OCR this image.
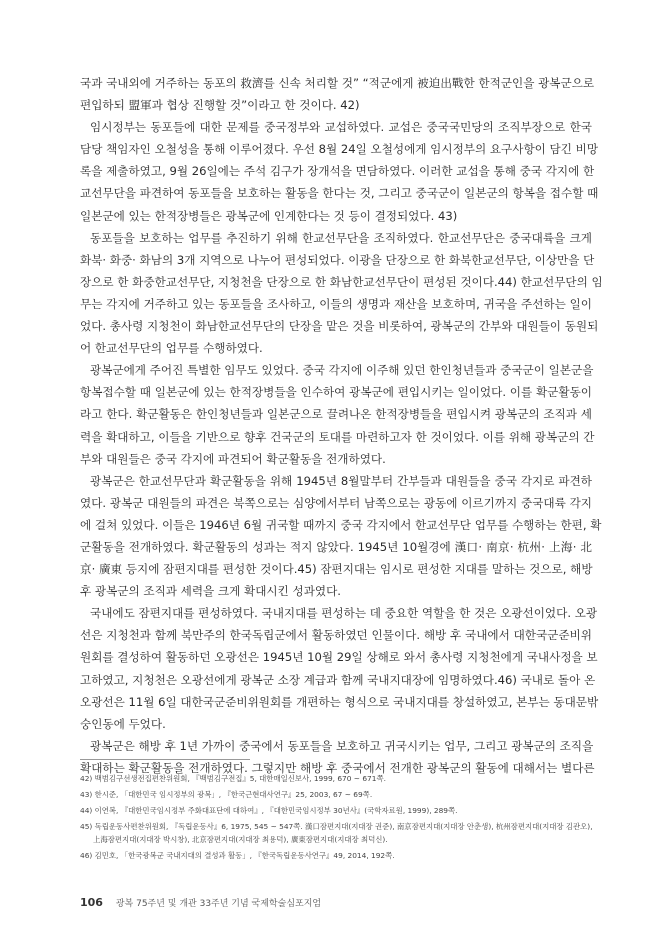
국과 국내외에 거주하는 동포의 救濟를 신속 처리할 것” “적군에게 被迫出戰한 한적군인을 광복군으로
편입하되 盟軍과 협상 진행할 것”이라고 한 것이다. 42)
임시정부는 동포들에 대한 문제를 중국정부와 교섭하였다. 교섭은 중국국민당의 조직부장으로 한국
담당 책임자인 오철성을 통해 이루어졌다. 우선 8월 24일 오철성에게 임시정부의 요구사항이 담긴 비망
록을 제출하였고, 9월 26일에는 주석 김구가 장개석을 면담하였다. 이러한 교섭을 통해 중국 각지에 한
교선무단을 파견하여 동포들을 보호하는 활동을 한다는 것, 그리고 중국군이 일본군의 항복을 접수할 때
일본군에 있는 한적장병들은 광복군에 인계한다는 것 등이 결정되었다. 43)
동포들을 보호하는 업무를 추진하기 위해 한교선무단을 조직하였다. 한교선무단은 중국대륙을 크게
화북· 화중· 화남의 3개 지역으로 나누어 편성되었다. 이광을 단장으로 한 화북한교선무단, 이상만을 단
장으로 한 화중한교선무단, 지청천을 단장으로 한 화남한교선무단이 편성된 것이다.44) 한교선무단의 임
무는 각지에 거주하고 있는 동포들을 조사하고, 이들의 생명과 재산을 보호하며, 귀국을 주선하는 일이
었다. 총사령 지청천이 화남한교선무단의 단장을 맡은 것을 비롯하여, 광복군의 간부와 대원들이 동원되
어 한교선무단의 업무를 수행하였다.
광복군에게 주어진 특별한 임무도 있었다. 중국 각지에 이주해 있던 한인청년들과 중국군이 일본군을
항복접수할 때 일본군에 있는 한적장병들을 인수하여 광복군에 편입시키는 일이었다. 이를 확군활동이
라고 한다. 확군활동은 한인청년들과 일본군으로 끌려나온 한적장병들을 편입시켜 광복군의 조직과 세
력을 확대하고, 이들을 기반으로 향후 건국군의 토대를 마련하고자 한 것이었다. 이를 위해 광복군의 간
부와 대원들은 중국 각지에 파견되어 확군활동을 전개하였다.
광복군은 한교선무단과 확군활동을 위해 1945년 8월말부터 간부들과 대원들을 중국 각지로 파견하
였다. 광복군 대원들의 파견은 북쪽으로는 심양에서부터 남쪽으로는 광동에 이르기까지 중국대륙 각지
에 걸쳐 있었다. 이들은 1946년 6월 귀국할 때까지 중국 각지에서 한교선무단 업무를 수행하는 한편, 확
군활동을 전개하였다. 확군활동의 성과는 적지 않았다. 1945년 10월경에 漢口· 南京· 杭州· 上海· 北
京· 廣東 등지에 잠편지대를 편성한 것이다.45) 잠편지대는 임시로 편성한 지대를 말하는 것으로, 해방
후 광복군의 조직과 세력을 크게 확대시킨 성과였다.
국내에도 잠편지대를 편성하였다. 국내지대를 편성하는 데 중요한 역할을 한 것은 오광선이었다. 오광
선은 지청천과 함께 북만주의 한국독립군에서 활동하였던 인물이다. 해방 후 국내에서 대한국군준비위
원회를 결성하여 활동하던 오광선은 1945년 10월 29일 상해로 와서 총사령 지청천에게 국내사정을 보
고하였고, 지청천은 오광선에게 광복군 소장 계급과 함께 국내지대장에 임명하였다.46) 국내로 돌아 온
오광선은 11월 6일 대한국군준비위원회를 개편하는 형식으로 국내지대를 창설하였고, 본부는 동대문밖
숭인동에 두었다.
광복군은 해방 후 1년 가까이 중국에서 동포들을 보호하고 귀국시키는 업무, 그리고 광복군의 조직을
확대하는 확군활동을 전개하였다. 그렇지만 해방 후 중국에서 전개한 광복군의 활동에 대해서는 별다른
42) 백범김구선생전집편찬위원회, 『백범김구전집』5, 대한매일신보사, 1999, 670 ~ 671쪽.
43) 한시준, 「대한민국 임시정부의 광복」, 『한국근현대사연구』25, 2003, 67 ~ 69쪽.
44) 이연복, 『대한민국임시정부 주화대표단에 대하여』, 『대한민국임시정부 30년사』(국학자료원, 1999), 289쪽.
45) 독립운동사편찬위원회, 『독립운동사』6, 1975, 545 ~ 547쪽. 漢口잠편지대(지대장 권준), 南京잠편지대(지대장 안춘생), 杭州잠편지대(지대장 김관오),
上海잠편지대(지대장 박시창), 北京잠편지대(지대장 최용덕), 廣東잠편지대(지대장 최덕신).
46) 김민호, 「한국광복군 국내지대의 결성과 활동」, 『한국독립운동사연구』49, 2014, 192쪽.
106 광복 75주년 및 개관 33주년 기념 국제학술심포지엄
